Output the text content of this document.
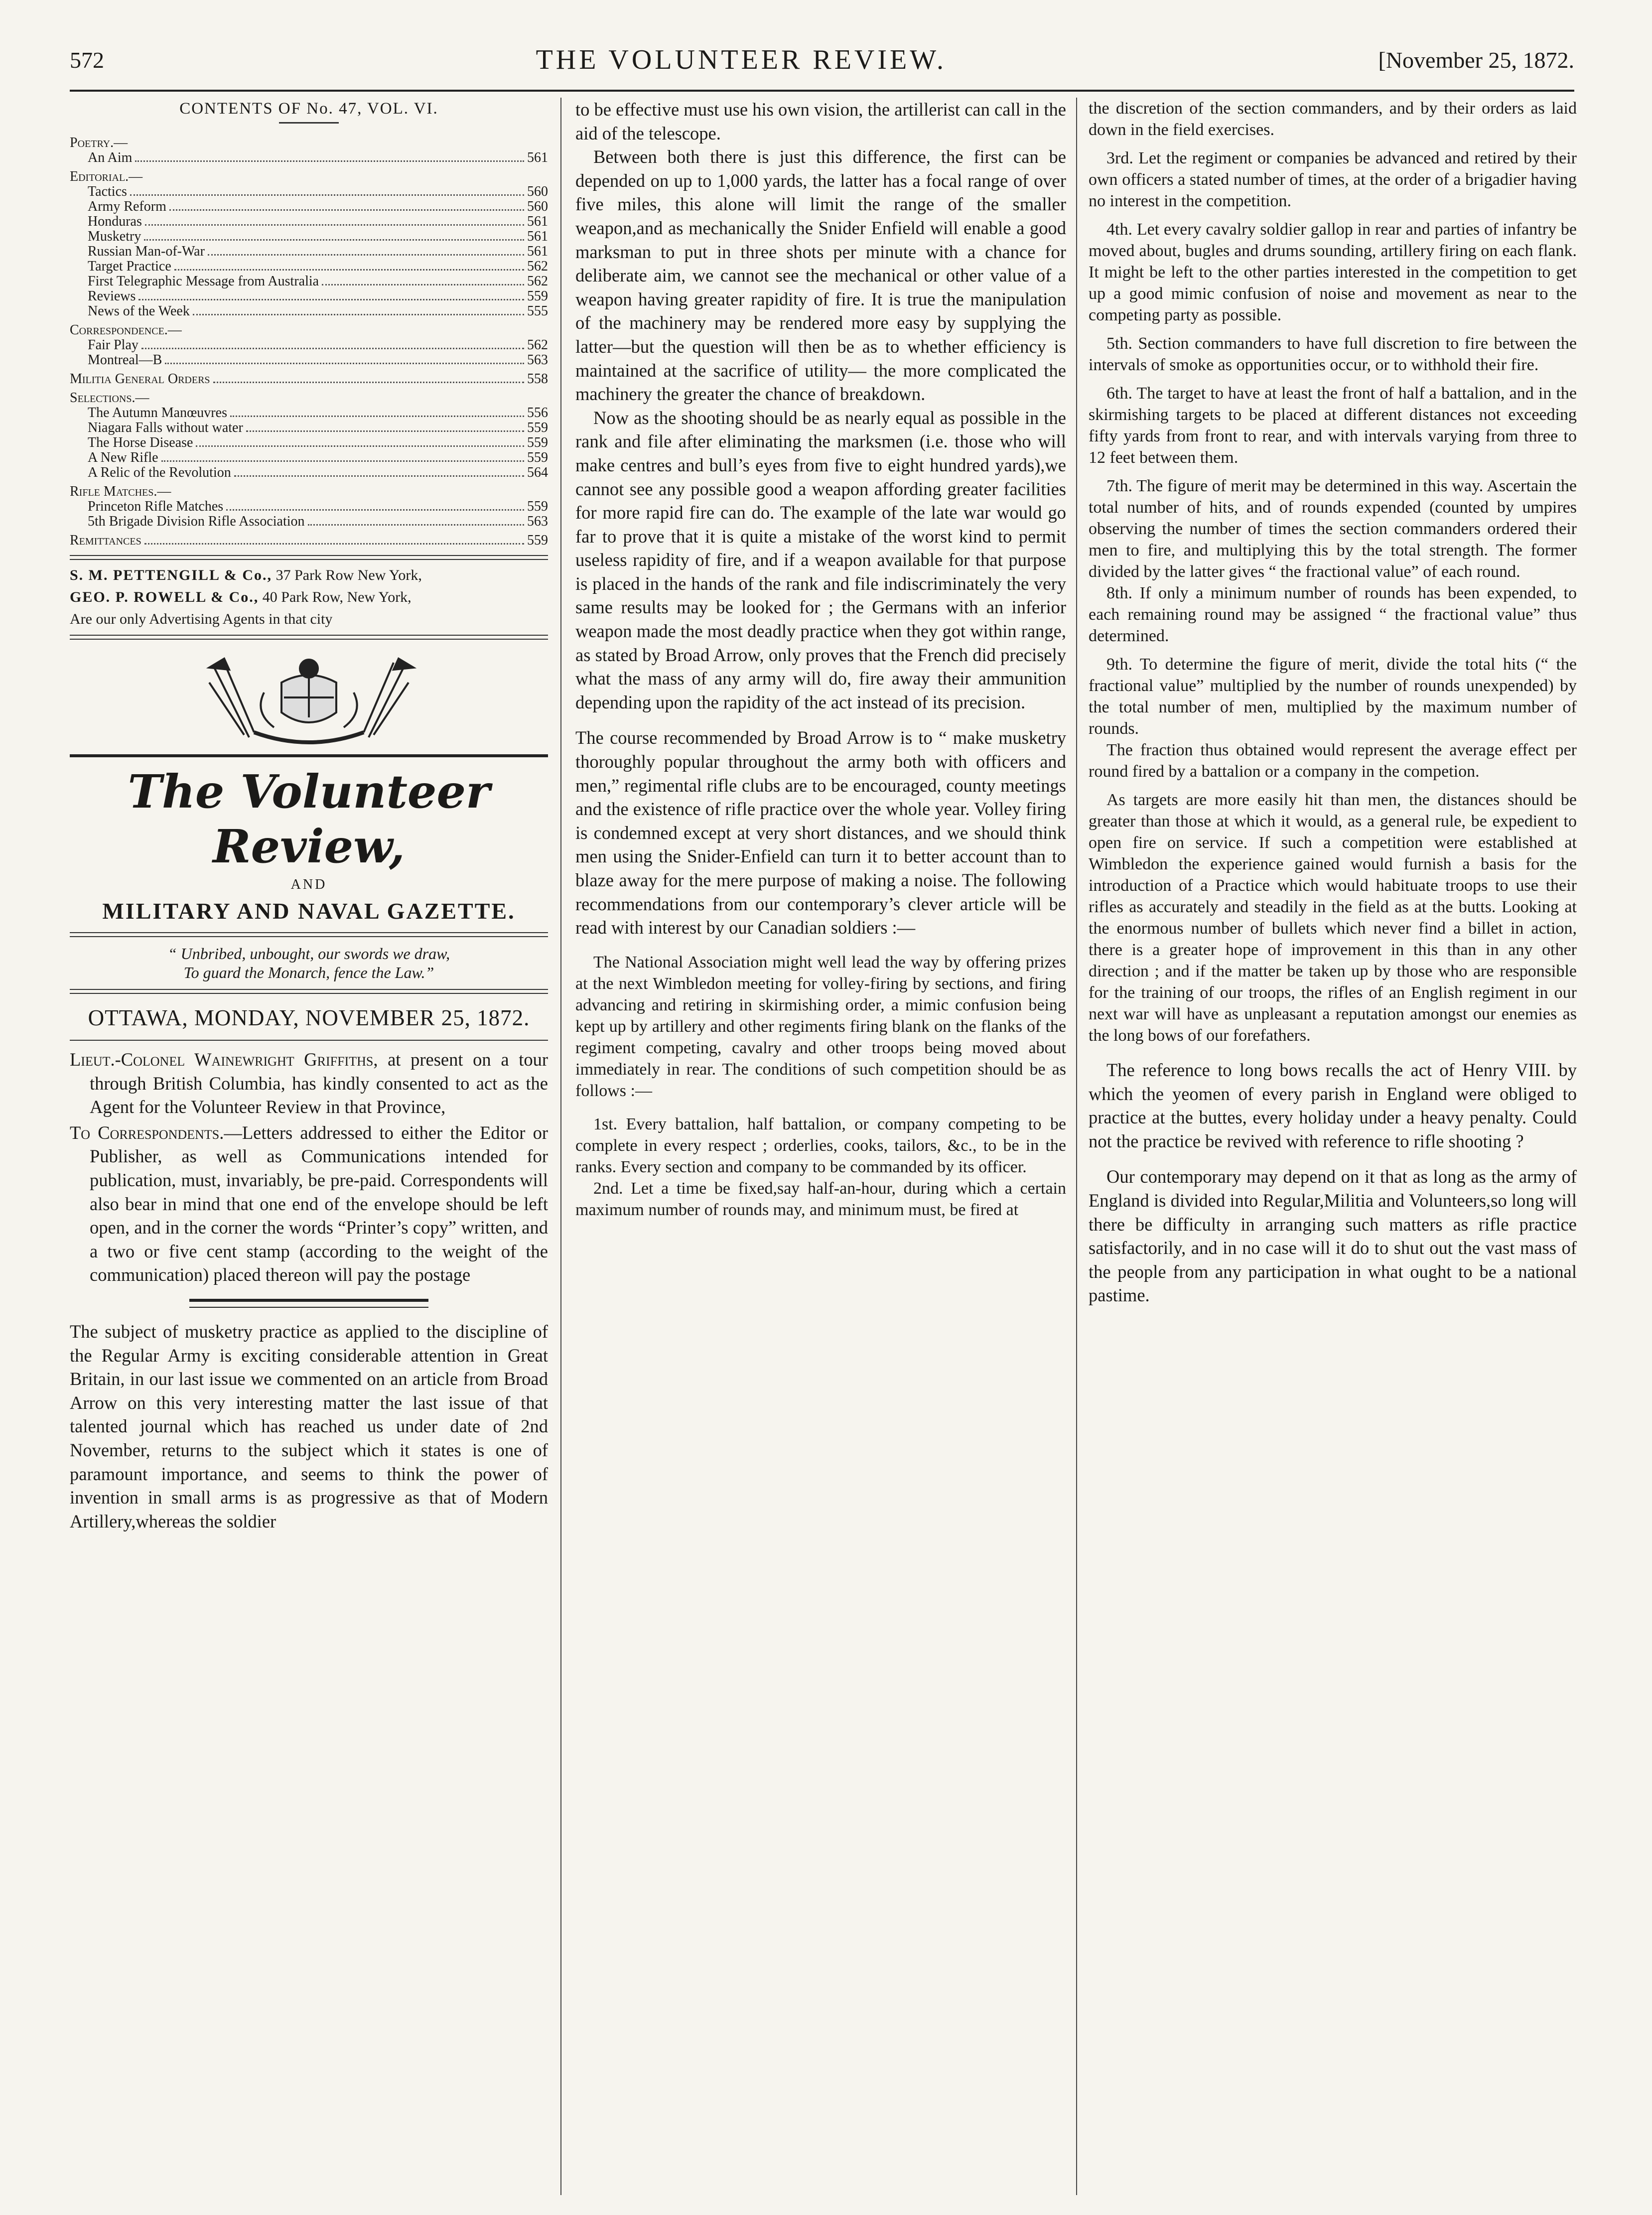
572	THE VOLUNTEER REVIEW.	[November 25, 1872.
CONTENTS OF No. 47, VOL. VI.
Poetry.—
An Aim	561
Editorial.—
Tactics	560
Army Reform	560
Honduras	561
Musketry	561
Russian Man-of-War	561
Target Practice	562
First Telegraphic Message from Australia	562
Reviews	559
News of the Week	555
Correspondence.—
Fair Play	562
Montreal—B	563
Militia General Orders	558
Selections.—
The Autumn Manœuvres	556
Niagara Falls without water	559
The Horse Disease	559
A New Rifle	559
A Relic of the Revolution	564
Rifle Matches.—
Princeton Rifle Matches	559
5th Brigade Division Rifle Association	563
Remittances	559

S. M. PETTENGILL & Co., 37 Park Row New York,

GEO. P. ROWELL & Co., 40 Park Row, New York,

Are our only Advertising Agents in that city

The Volunteer Review,
AND
MILITARY AND NAVAL GAZETTE.
“ Unbribed, unbought, our swords we draw,
To guard the Monarch, fence the Law.”
OTTAWA, MONDAY, NOVEMBER 25, 1872.

Lieut.-Colonel Wainewright Griffiths, at present on a tour through British Columbia, has kindly consented to act as the Agent for the Volunteer Review in that Province,

To Correspondents.—Letters addressed to either the Editor or Publisher, as well as Communications intended for publication, must, invariably, be pre-paid. Correspondents will also bear in mind that one end of the envelope should be left open, and in the corner the words “Printer’s copy” written, and a two or five cent stamp (according to the weight of the communication) placed thereon will pay the postage

The subject of musketry practice as applied to the discipline of the Regular Army is exciting considerable attention in Great Britain, in our last issue we commented on an article from Broad Arrow on this very interesting matter the last issue of that talented journal which has reached us under date of 2nd November, returns to the subject which it states is one of paramount importance, and seems to think the power of invention in small arms is as progressive as that of Modern Artillery,whereas the soldier

to be effective must use his own vision, the artillerist can call in the aid of the telescope.

Between both there is just this difference, the first can be depended on up to 1,000 yards, the latter has a focal range of over five miles, this alone will limit the range of the smaller weapon,and as mechanically the Snider Enfield will enable a good marksman to put in three shots per minute with a chance for deliberate aim, we cannot see the mechanical or other value of a weapon having greater rapidity of fire. It is true the manipulation of the machinery may be rendered more easy by supplying the latter—but the question will then be as to whether efficiency is maintained at the sacrifice of utility— the more complicated the machinery the greater the chance of breakdown.

Now as the shooting should be as nearly equal as possible in the rank and file after eliminating the marksmen (i.e. those who will make centres and bull’s eyes from five to eight hundred yards),we cannot see any possible good a weapon affording greater facilities for more rapid fire can do. The example of the late war would go far to prove that it is quite a mistake of the worst kind to permit useless rapidity of fire, and if a weapon available for that purpose is placed in the hands of the rank and file indiscriminately the very same results may be looked for ; the Germans with an inferior weapon made the most deadly practice when they got within range, as stated by Broad Arrow, only proves that the French did precisely what the mass of any army will do, fire away their ammunition depending upon the rapidity of the act instead of its precision.

The course recommended by Broad Arrow is to “ make musketry thoroughly popular throughout the army both with officers and men,” regimental rifle clubs are to be encouraged, county meetings and the existence of rifle practice over the whole year. Volley firing is condemned except at very short distances, and we should think men using the Snider-Enfield can turn it to better account than to blaze away for the mere purpose of making a noise. The following recommendations from our contemporary’s clever article will be read with interest by our Canadian soldiers :—

The National Association might well lead the way by offering prizes at the next Wimbledon meeting for volley-firing by sections, and firing advancing and retiring in skirmishing order, a mimic confusion being kept up by artillery and other regiments firing blank on the flanks of the regiment competing, cavalry and other troops being moved about immediately in rear. The conditions of such competition should be as follows :—

1st. Every battalion, half battalion, or company competing to be complete in every respect ; orderlies, cooks, tailors, &c., to be in the ranks. Every section and company to be commanded by its officer.

2nd. Let a time be fixed,say half-an-hour, during which a certain maximum number of rounds may, and minimum must, be fired at

the discretion of the section commanders, and by their orders as laid down in the field exercises.

3rd. Let the regiment or companies be advanced and retired by their own officers a stated number of times, at the order of a brigadier having no interest in the competition.

4th. Let every cavalry soldier gallop in rear and parties of infantry be moved about, bugles and drums sounding, artillery firing on each flank. It might be left to the other parties interested in the competition to get up a good mimic confusion of noise and movement as near to the competing party as possible.

5th. Section commanders to have full discretion to fire between the intervals of smoke as opportunities occur, or to withhold their fire.

6th. The target to have at least the front of half a battalion, and in the skirmishing targets to be placed at different distances not exceeding fifty yards from front to rear, and with intervals varying from three to 12 feet between them.

7th. The figure of merit may be determined in this way. Ascertain the total number of hits, and of rounds expended (counted by umpires observing the number of times the section commanders ordered their men to fire, and multiplying this by the total strength. The former divided by the latter gives “ the fractional value” of each round.

8th. If only a minimum number of rounds has been expended, to each remaining round may be assigned “ the fractional value” thus determined.

9th. To determine the figure of merit, divide the total hits (“ the fractional value” multiplied by the number of rounds unexpended) by the total number of men, multiplied by the maximum number of rounds.

The fraction thus obtained would represent the average effect per round fired by a battalion or a company in the competion.

As targets are more easily hit than men, the distances should be greater than those at which it would, as a general rule, be expedient to open fire on service. If such a competition were established at Wimbledon the experience gained would furnish a basis for the introduction of a Practice which would habituate troops to use their rifles as accurately and steadily in the field as at the butts. Looking at the enormous number of bullets which never find a billet in action, there is a greater hope of improvement in this than in any other direction ; and if the matter be taken up by those who are responsible for the training of our troops, the rifles of an English regiment in our next war will have as unpleasant a reputation amongst our enemies as the long bows of our forefathers.

The reference to long bows recalls the act of Henry VIII. by which the yeomen of every parish in England were obliged to practice at the buttes, every holiday under a heavy penalty. Could not the practice be revived with reference to rifle shooting ?

Our contemporary may depend on it that as long as the army of England is divided into Regular,Militia and Volunteers,so long will there be difficulty in arranging such matters as rifle practice satisfactorily, and in no case will it do to shut out the vast mass of the people from any participation in what ought to be a national pastime.
